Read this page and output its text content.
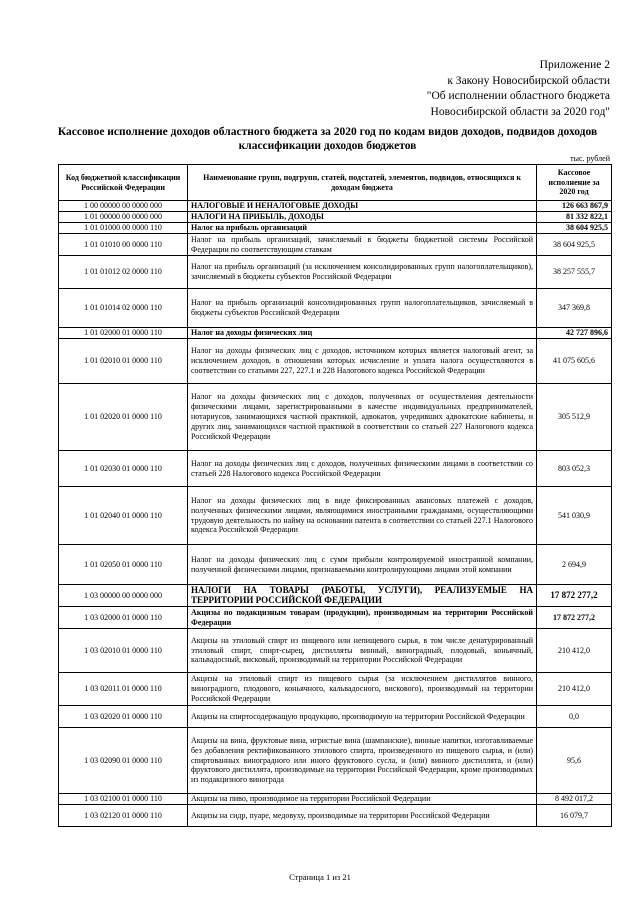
Приложение 2
к Закону Новосибирской области
"Об исполнении областного бюджета
Новосибирской области за 2020 год"
Кассовое исполнение доходов областного бюджета за 2020 год по кодам видов доходов, подвидов доходов классификации доходов бюджетов
тыс. рублей
Код бюджетной классификации Российской Федерации	Наименование групп, подгрупп, статей, подстатей, элементов, подвидов, относящихся к доходам бюджета	Кассовое исполнение за 2020 год
1 00 00000 00 0000 000	НАЛОГОВЫЕ И НЕНАЛОГОВЫЕ ДОХОДЫ	126 663 867,9
1 01 00000 00 0000 000	НАЛОГИ НА ПРИБЫЛЬ, ДОХОДЫ	81 332 822,1
1 01 01000 00 0000 110	Налог на прибыль организаций	38 604 925,5
1 01 01010 00 0000 110	Налог на прибыль организаций, зачисляемый в бюджеты бюджетной системы Российской Федерации по соответствующим ставкам	38 604 925,5
1 01 01012 02 0000 110	Налог на прибыль организаций (за исключением консолидированных групп налогоплательщиков), зачисляемый в бюджеты субъектов Российской Федерации	38 257 555,7
1 01 01014 02 0000 110	Налог на прибыль организаций консолидированных групп налогоплательщиков, зачисляемый в бюджеты субъектов Российской Федерации	347 369,8
1 01 02000 01 0000 110	Налог на доходы физических лиц	42 727 896,6
1 01 02010 01 0000 110	Налог на доходы физических лиц с доходов, источником которых является налоговый агент, за исключением доходов, в отношении которых исчисление и уплата налога осуществляются в соответствии со статьями 227, 227.1 и 228 Налогового кодекса Российской Федерации	41 075 605,6
1 01 02020 01 0000 110	Налог на доходы физических лиц с доходов, полученных от осуществления деятельности физическими лицами, зарегистрированными в качестве индивидуальных предпринимателей, нотариусов, занимающихся частной практикой, адвокатов, учредивших адвокатские кабинеты, и других лиц, занимающихся частной практикой в соответствии со статьей 227 Налогового кодекса Российской Федерации	305 512,9
1 01 02030 01 0000 110	Налог на доходы физических лиц с доходов, полученных физическими лицами в соответствии со статьей 228 Налогового кодекса Российской Федерации	803 052,3
1 01 02040 01 0000 110	Налог на доходы физических лиц в виде фиксированных авансовых платежей с доходов, полученных физическими лицами, являющимися иностранными гражданами, осуществляющими трудовую деятельность по найму на основании патента в соответствии со статьей 227.1 Налогового кодекса Российской Федерации	541 030,9
1 01 02050 01 0000 110	Налог на доходы физических лиц с сумм прибыли контролируемой иностранной компании, полученной физическими лицами, признаваемыми контролирующими лицами этой компании	2 694,9
1 03 00000 00 0000 000	НАЛОГИ НА ТОВАРЫ (РАБОТЫ, УСЛУГИ), РЕАЛИЗУЕМЫЕ НА ТЕРРИТОРИИ РОССИЙСКОЙ ФЕДЕРАЦИИ	17 872 277,2
1 03 02000 01 0000 110	Акцизы по подакцизным товарам (продукции), производимым на территории Российской Федерации	17 872 277,2
1 03 02010 01 0000 110	Акцизы на этиловый спирт из пищевого или непищевого сырья, в том числе денатурированный этиловый спирт, спирт-сырец, дистилляты винный, виноградный, плодовый, коньячный, кальвадосный, висковый, производимый на территории Российской Федерации	210 412,0
1 03 02011 01 0000 110	Акцизы на этиловый спирт из пищевого сырья (за исключением дистиллятов винного, виноградного, плодового, коньячного, кальвадосного, вискового), производимый на территории Российской Федерации	210 412,0
1 03 02020 01 0000 110	Акцизы на спиртосодержащую продукцию, производимую на территории Российской Федерации	0,0
1 03 02090 01 0000 110	Акцизы на вина, фруктовые вина, игристые вина (шампанские), винные напитки, изготавливаемые без добавления ректификованного этилового спирта, произведенного из пищевого сырья, и (или) спиртованных виноградного или иного фруктового сусла, и (или) винного дистиллята, и (или) фруктового дистиллята, производимые на территории Российской Федерации, кроме производимых из подакцизного винограда	95,6
1 03 02100 01 0000 110	Акцизы на пиво, производимое на территории Российской Федерации	8 492 017,2
1 03 02120 01 0000 110	Акцизы на сидр, пуаре, медовуху, производимые на территории Российской Федерации	16 079,7
Страница 1 из 21
